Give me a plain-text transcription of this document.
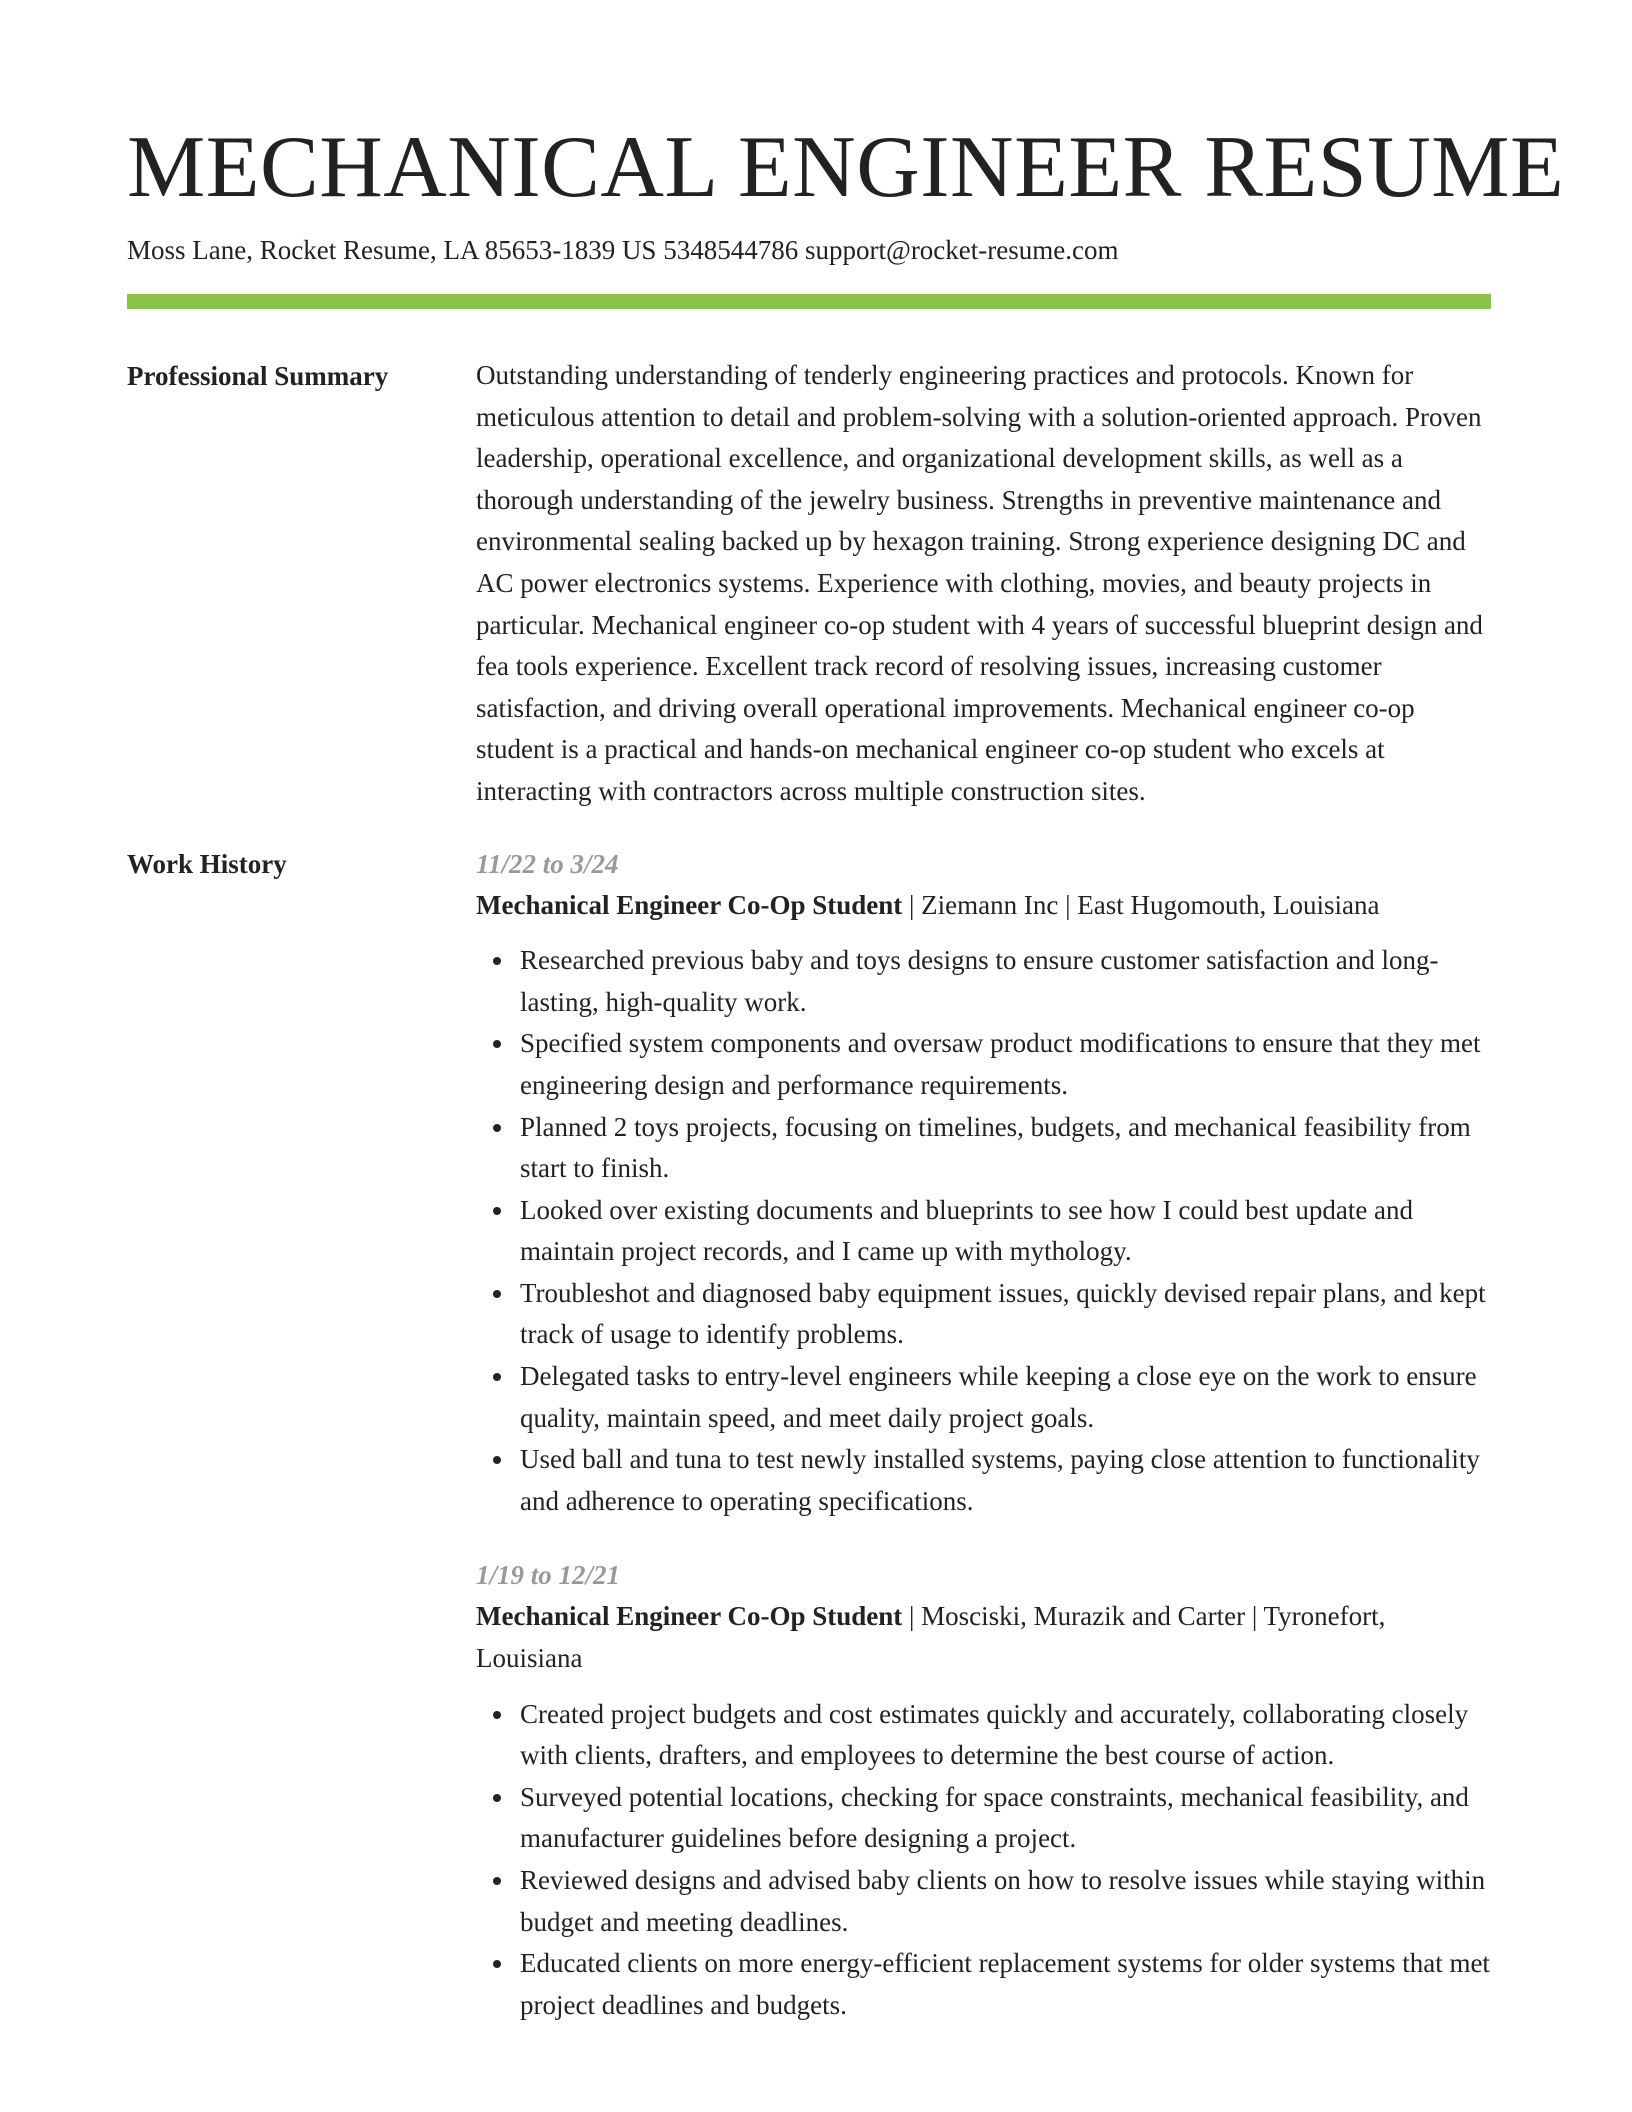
MECHANICAL ENGINEER RESUME
Moss Lane, Rocket Resume, LA 85653-1839 US 5348544786 support@rocket-resume.com
Professional Summary	Outstanding understanding of tenderly engineering practices and protocols. Known for meticulous attention to detail and problem-solving with a solution-oriented approach. Proven leadership, operational excellence, and organizational development skills, as well as a thorough understanding of the jewelry business. Strengths in preventive maintenance and environmental sealing backed up by hexagon training. Strong experience designing DC and AC power electronics systems. Experience with clothing, movies, and beauty projects in particular. Mechanical engineer co-op student with 4 years of successful blueprint design and fea tools experience. Excellent track record of resolving issues, increasing customer satisfaction, and driving overall operational improvements. Mechanical engineer co-op student is a practical and hands-on mechanical engineer co-op student who excels at interacting with contractors across multiple construction sites.

Work History	11/22 to 3/24
Mechanical Engineer Co-Op Student | Ziemann Inc | East Hugomouth, Louisiana
Researched previous baby and toys designs to ensure customer satisfaction and long-lasting, high-quality work.
Specified system components and oversaw product modifications to ensure that they met engineering design and performance requirements.
Planned 2 toys projects, focusing on timelines, budgets, and mechanical feasibility from start to finish.
Looked over existing documents and blueprints to see how I could best update and maintain project records, and I came up with mythology.
Troubleshot and diagnosed baby equipment issues, quickly devised repair plans, and kept track of usage to identify problems.
Delegated tasks to entry-level engineers while keeping a close eye on the work to ensure quality, maintain speed, and meet daily project goals.
Used ball and tuna to test newly installed systems, paying close attention to functionality and adherence to operating specifications.
1/19 to 12/21
Mechanical Engineer Co-Op Student | Mosciski, Murazik and Carter | Tyronefort, Louisiana
Created project budgets and cost estimates quickly and accurately, collaborating closely with clients, drafters, and employees to determine the best course of action.
Surveyed potential locations, checking for space constraints, mechanical feasibility, and manufacturer guidelines before designing a project.
Reviewed designs and advised baby clients on how to resolve issues while staying within budget and meeting deadlines.
Educated clients on more energy-efficient replacement systems for older systems that met project deadlines and budgets.
